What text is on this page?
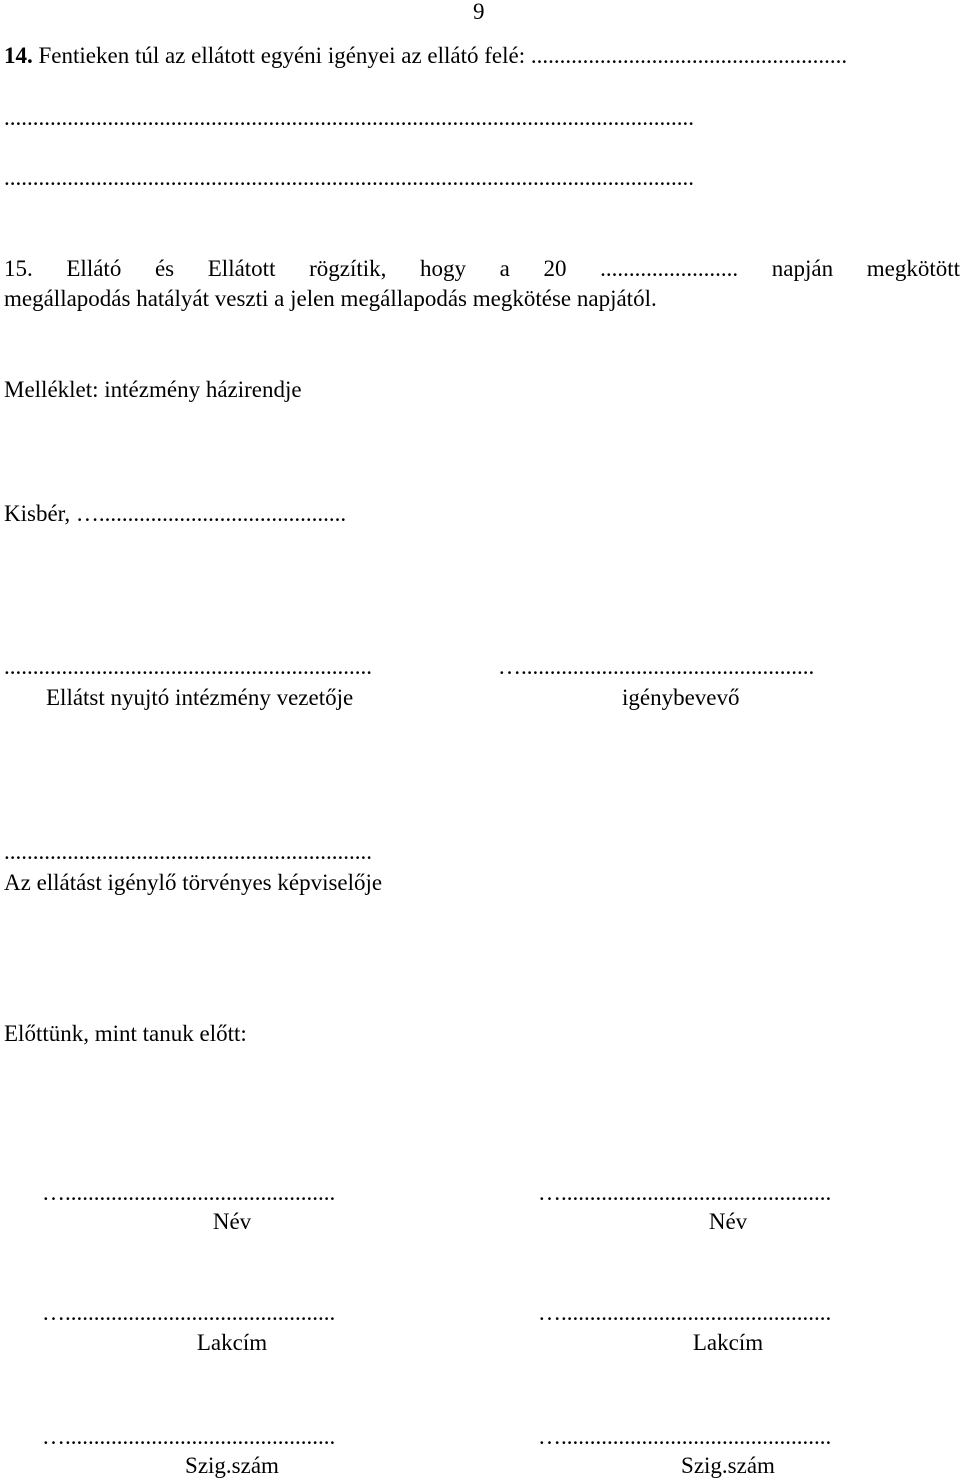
9
14. Fentieken túl az ellátott egyéni igényei az ellátó felé: .......................................................
........................................................................................................................
........................................................................................................................
15. Ellátó és Ellátott rögzítik, hogy a 20 ........................ napján megkötött
megállapodás hatályát veszti a jelen megállapodás megkötése napjától.
Melléklet: intézmény házirendje
Kisbér, …...........................................
................................................................	…...................................................
Ellátst nyujtó intézmény vezetője	igénybevevő
................................................................
Az ellátást igénylő törvényes képviselője
Előttünk, mint tanuk előtt:
…...............................................	…...............................................
Név	Név
…...............................................	…...............................................
Lakcím	Lakcím
…...............................................	…...............................................
Szig.szám	Szig.szám
